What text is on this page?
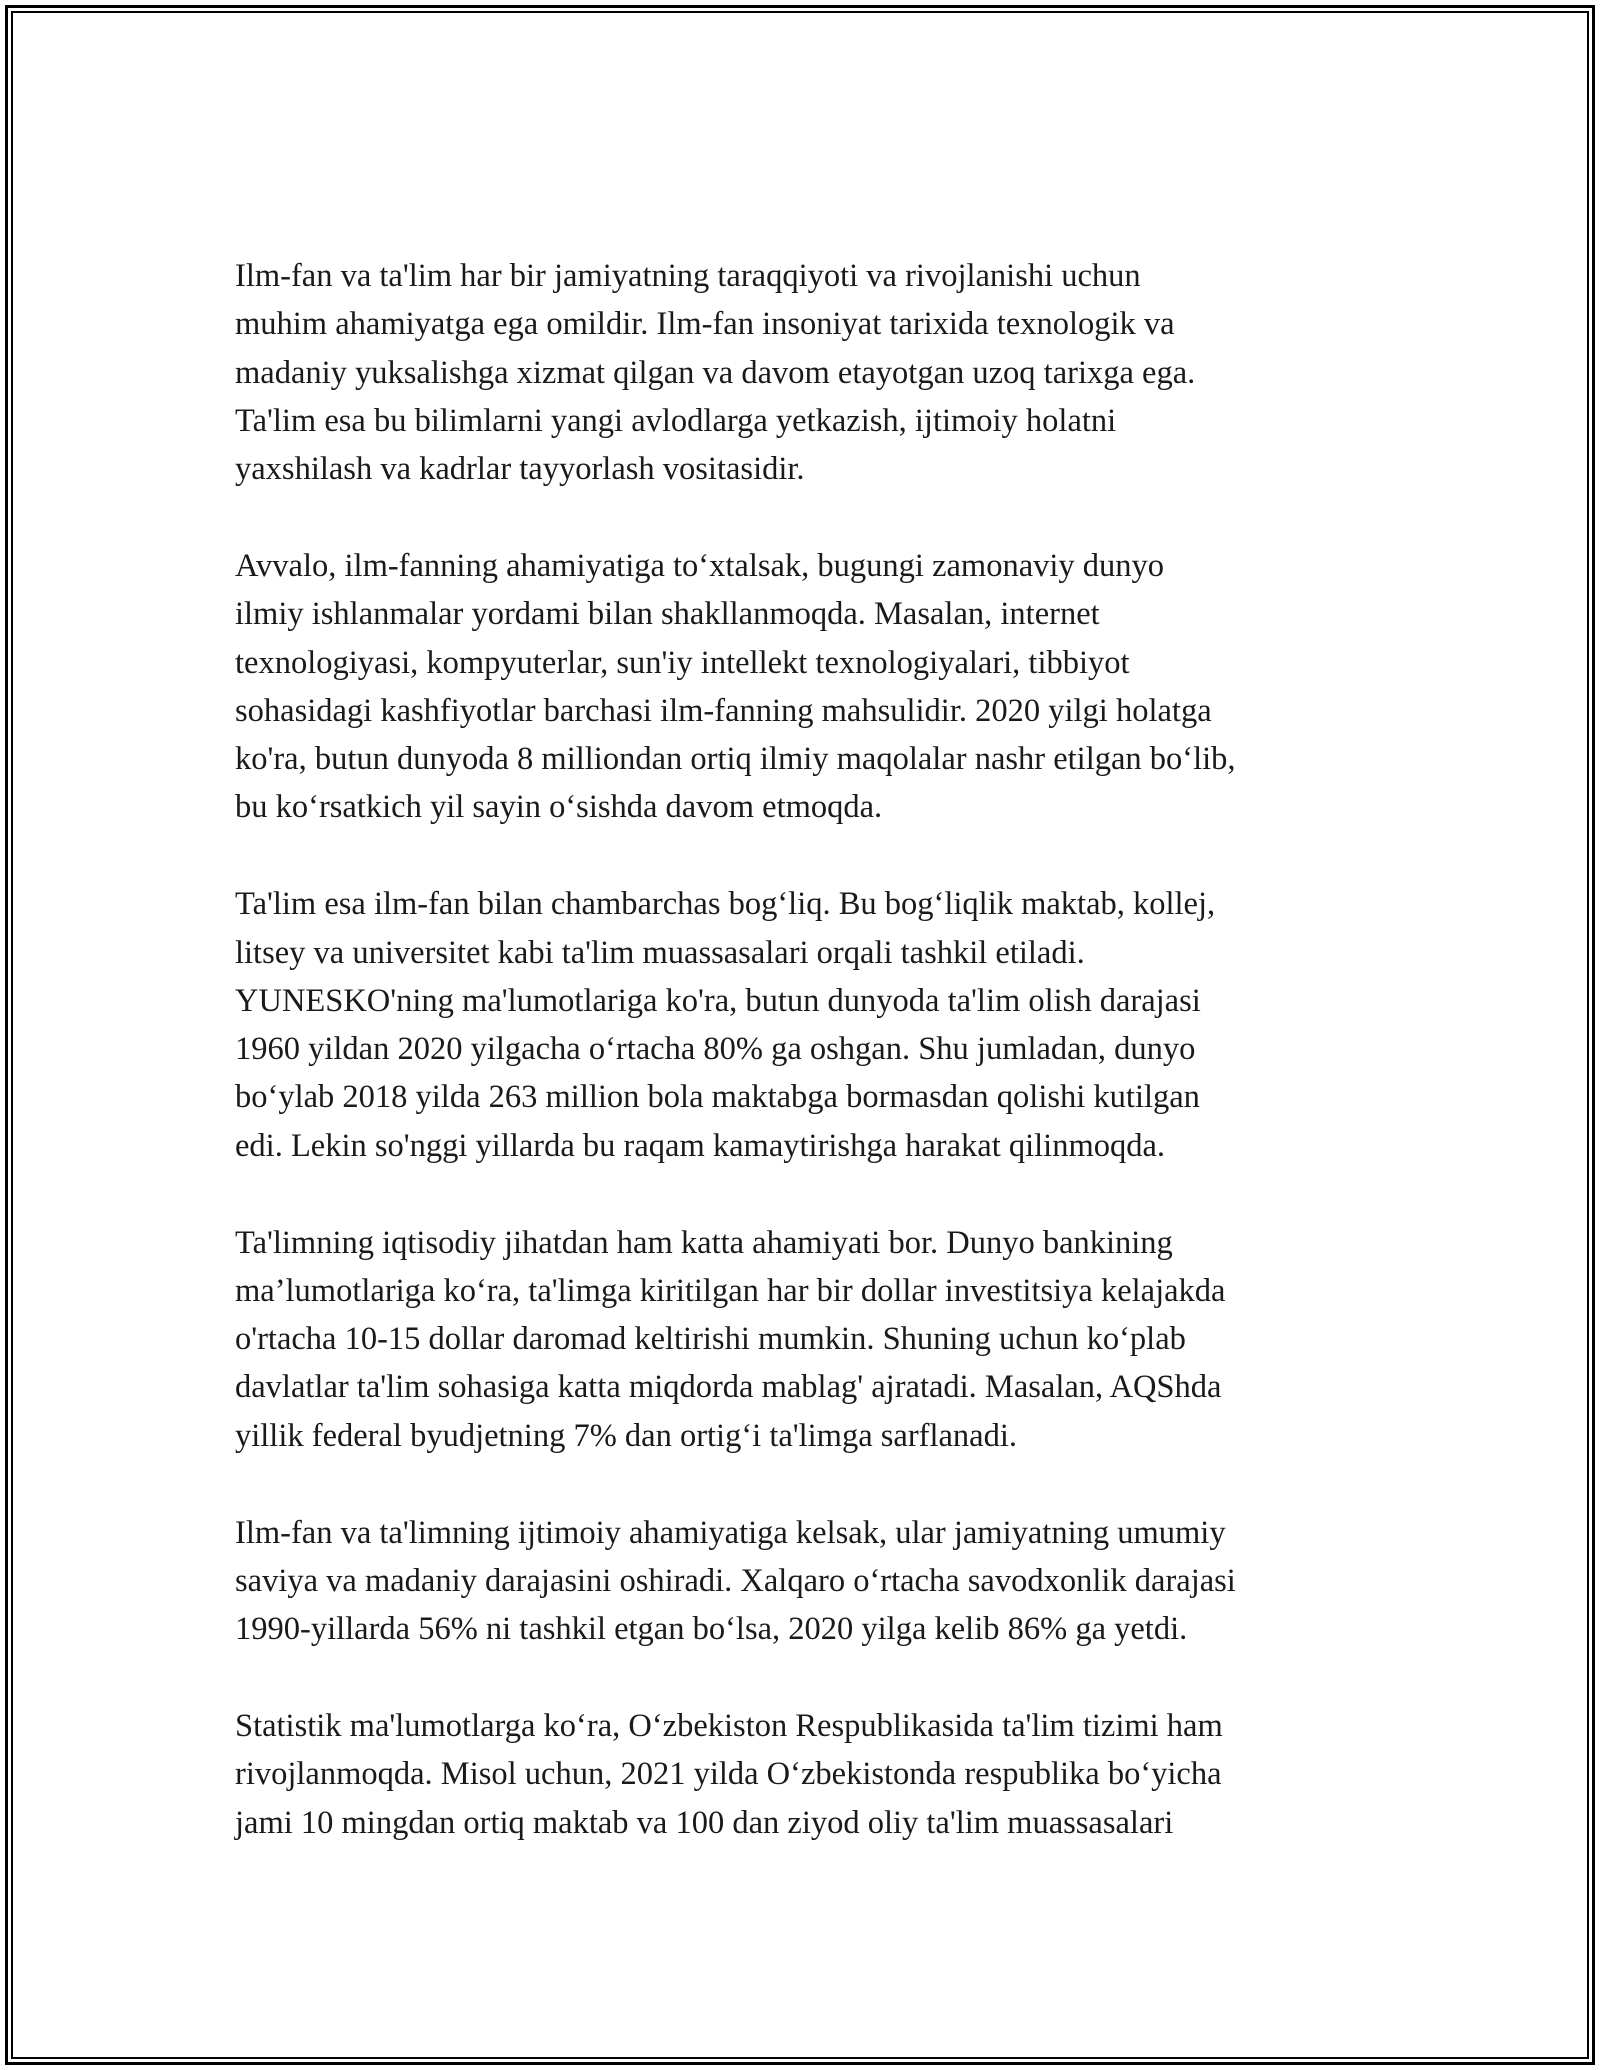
Ilm-fan va ta'lim har bir jamiyatning taraqqiyoti va rivojlanishi uchun
muhim ahamiyatga ega omildir. Ilm-fan insoniyat tarixida texnologik va
madaniy yuksalishga xizmat qilgan va davom etayotgan uzoq tarixga ega.
Ta'lim esa bu bilimlarni yangi avlodlarga yetkazish, ijtimoiy holatni
yaxshilash va kadrlar tayyorlash vositasidir.

Avvalo, ilm-fanning ahamiyatiga to‘xtalsak, bugungi zamonaviy dunyo
ilmiy ishlanmalar yordami bilan shakllanmoqda. Masalan, internet
texnologiyasi, kompyuterlar, sun'iy intellekt texnologiyalari, tibbiyot
sohasidagi kashfiyotlar barchasi ilm-fanning mahsulidir. 2020 yilgi holatga
ko'ra, butun dunyoda 8 milliondan ortiq ilmiy maqolalar nashr etilgan bo‘lib,
bu ko‘rsatkich yil sayin o‘sishda davom etmoqda.

Ta'lim esa ilm-fan bilan chambarchas bog‘liq. Bu bog‘liqlik maktab, kollej,
litsey va universitet kabi ta'lim muassasalari orqali tashkil etiladi.
YUNESKO'ning ma'lumotlariga ko'ra, butun dunyoda ta'lim olish darajasi
1960 yildan 2020 yilgacha o‘rtacha 80% ga oshgan. Shu jumladan, dunyo
bo‘ylab 2018 yilda 263 million bola maktabga bormasdan qolishi kutilgan
edi. Lekin so'nggi yillarda bu raqam kamaytirishga harakat qilinmoqda.

Ta'limning iqtisodiy jihatdan ham katta ahamiyati bor. Dunyo bankining
ma’lumotlariga ko‘ra, ta'limga kiritilgan har bir dollar investitsiya kelajakda
o'rtacha 10-15 dollar daromad keltirishi mumkin. Shuning uchun ko‘plab
davlatlar ta'lim sohasiga katta miqdorda mablag' ajratadi. Masalan, AQShda
yillik federal byudjetning 7% dan ortig‘i ta'limga sarflanadi.

Ilm-fan va ta'limning ijtimoiy ahamiyatiga kelsak, ular jamiyatning umumiy
saviya va madaniy darajasini oshiradi. Xalqaro o‘rtacha savodxonlik darajasi
1990-yillarda 56% ni tashkil etgan bo‘lsa, 2020 yilga kelib 86% ga yetdi.

Statistik ma'lumotlarga ko‘ra, O‘zbekiston Respublikasida ta'lim tizimi ham
rivojlanmoqda. Misol uchun, 2021 yilda O‘zbekistonda respublika bo‘yicha
jami 10 mingdan ortiq maktab va 100 dan ziyod oliy ta'lim muassasalari
